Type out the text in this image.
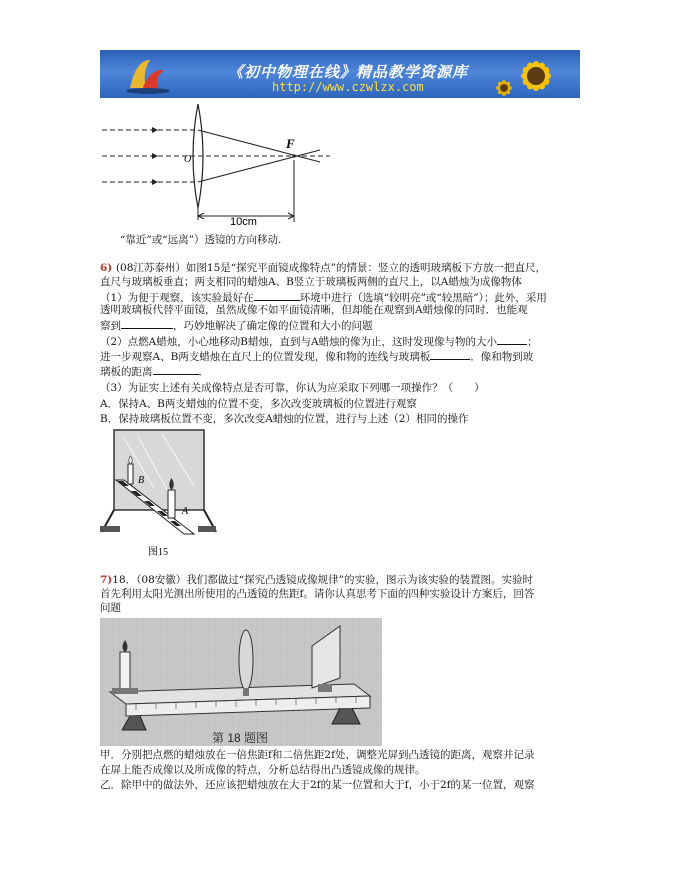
《初中物理在线》精品教学资源库
http://www.czwlzx.com
O
F
10cm
“靠近”或“远离”）透镜的方向移动.
6) (08江苏泰州）如图15是“探究平面镜成像特点”的情景：竖立的透明玻璃板下方放一把直尺，
直尺与玻璃板垂直；两支相同的蜡烛A、B竖立于玻璃板两侧的直尺上，以A蜡烛为成像物体
（1）为便于观察，该实验最好在	环境中进行（选填“较明亮”或“较黑暗”）；此外，采用
透明玻璃板代替平面镜，虽然成像不如平面镜清晰，但却能在观察到A蜡烛像的同时．也能观
察到	，巧妙地解决了确定像的位置和大小的问题
（2）点燃A蜡烛，小心地移动B蜡烛，直到与A蜡烛的像为止，这时发现像与物的大小	；
进一步观察A、B两支蜡烛在直尺上的位置发现，像和物的连线与玻璃板	．像和物到玻
璃板的距离	．
（3）为证实上述有关成像特点是否可靠，你认为应采取下列哪一项操作？（　　）
A．保持A、B两支蜡烛的位置不变，多次改变玻璃板的位置进行观察
B．保持玻璃板位置不变，多次改变A蜡烛的位置，进行与上述（2）相同的操作
B
A
图15
7)18．（08安徽）我们都做过“探究凸透镜成像规律”的实验，图示为该实验的装置图。实验时
首先利用太阳光测出所使用的凸透镜的焦距f。请你认真思考下面的四种实验设计方案后，回答
问题
第 18 题图
甲．分别把点燃的蜡烛放在一倍焦距f和二倍焦距2f处，调整光屏到凸透镜的距离，观察并记录
在屏上能否成像以及所成像的特点，分析总结得出凸透镜成像的规律。
乙．除甲中的做法外，还应该把蜡烛放在大于2f的某一位置和大于f，小于2f的某一位置，观察
